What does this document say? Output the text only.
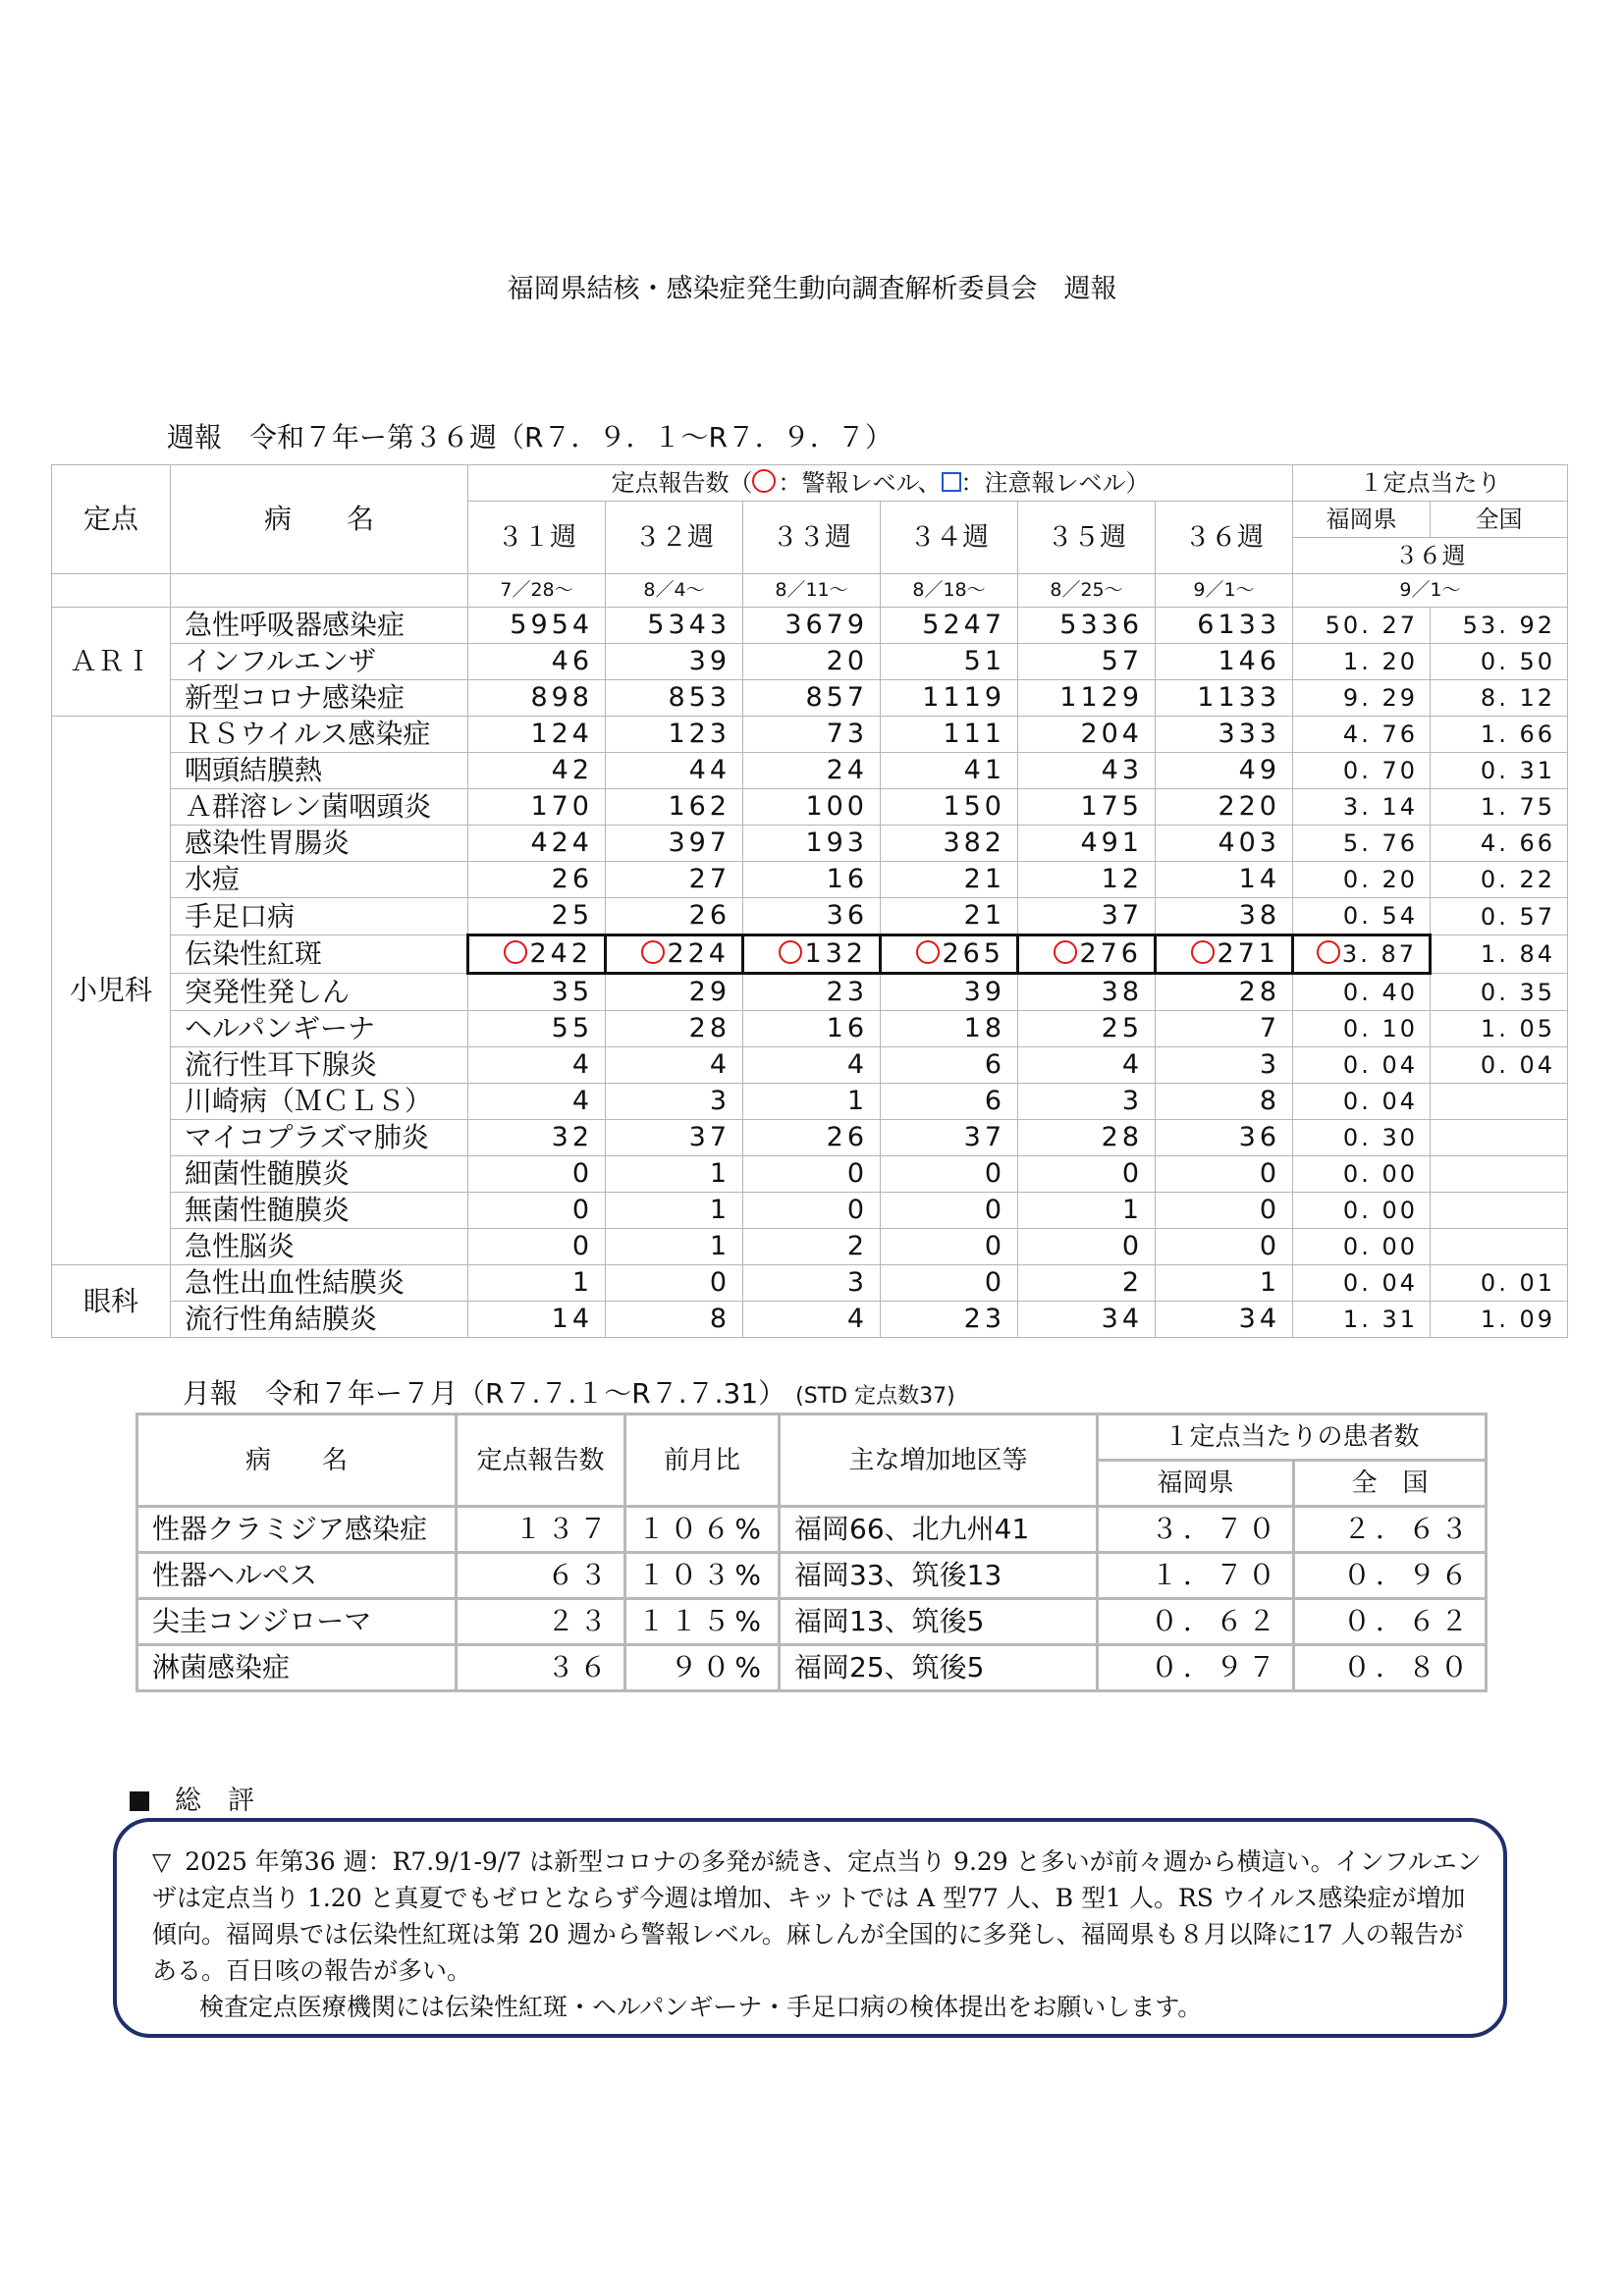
福岡県結核・感染症発生動向調査解析委員会　週報
週報　令和７年ー第３６週（R７．９．１～R７．９．７）
定点	病　　名	定点報告数（ ：警報レベル、 ：注意報レベル）						１定点当たり	
		３１週	３２週	３３週	３４週	３５週	３６週	福岡県	全国
								３６週	
		7／28～	8／4～	8／11～	8／18～	8／25～	9／1～	9／1～	
ＡＲＩ	急性呼吸器感染症	5954	5343	3679	5247	5336	6133	50. 27	53. 92
	インフルエンザ	46	39	20	51	57	146	1. 20	0. 50
	新型コロナ感染症	898	853	857	1119	1129	1133	9. 29	8. 12
小児科	ＲＳウイルス感染症	124	123	73	111	204	333	4. 76	1. 66
	咽頭結膜熱	42	44	24	41	43	49	0. 70	0. 31
	Ａ群溶レン菌咽頭炎	170	162	100	150	175	220	3. 14	1. 75
	感染性胃腸炎	424	397	193	382	491	403	5. 76	4. 66
	水痘	26	27	16	21	12	14	0. 20	0. 22
	手足口病	25	26	36	21	37	38	0. 54	0. 57
	伝染性紅斑	242	224	132	265	276	271	3. 87	1. 84
	突発性発しん	35	29	23	39	38	28	0. 40	0. 35
	ヘルパンギーナ	55	28	16	18	25	7	0. 10	1. 05
	流行性耳下腺炎	4	4	4	6	4	3	0. 04	0. 04
	川崎病（ＭＣＬＳ）	4	3	1	6	3	8	0. 04	
	マイコプラズマ肺炎	32	37	26	37	28	36	0. 30	
	細菌性髄膜炎	0	1	0	0	0	0	0. 00	
	無菌性髄膜炎	0	1	0	0	1	0	0. 00	
	急性脳炎	0	1	2	0	0	0	0. 00	
眼科	急性出血性結膜炎	1	0	3	0	2	1	0. 04	0. 01
	流行性角結膜炎	14	8	4	23	34	34	1. 31	1. 09
月報　令和７年ー７月（R７.７.１～R７.７.31） (STD 定点数37)
病　　名	定点報告数	前月比	主な増加地区等	１定点当たりの患者数	
				福岡県	全　国
性器クラミジア感染症	１３７	１０６%	福岡66、北九州41	３．７０	２．６３
性器ヘルペス	６３	１０３%	福岡33、筑後13	１．７０	０．９６
尖圭コンジローマ	２３	１１５%	福岡13、筑後5	０．６２	０．６２
淋菌感染症	３６	９０%	福岡25、筑後5	０．９７	０．８０
総　評
▽ 2025 年第36 週：R7.9/1-9/7 は新型コロナの多発が続き、定点当り 9.29 と多いが前々週から横這い。インフルエンザは定点当り 1.20 と真夏でもゼロとならず今週は増加、キットでは A 型77 人、B 型1 人。RS ウイルス感染症が増加傾向。福岡県では伝染性紅斑は第 20 週から警報レベル。麻しんが全国的に多発し、福岡県も８月以降に17 人の報告がある。百日咳の報告が多い。
検査定点医療機関には伝染性紅斑・ヘルパンギーナ・手足口病の検体提出をお願いします。
